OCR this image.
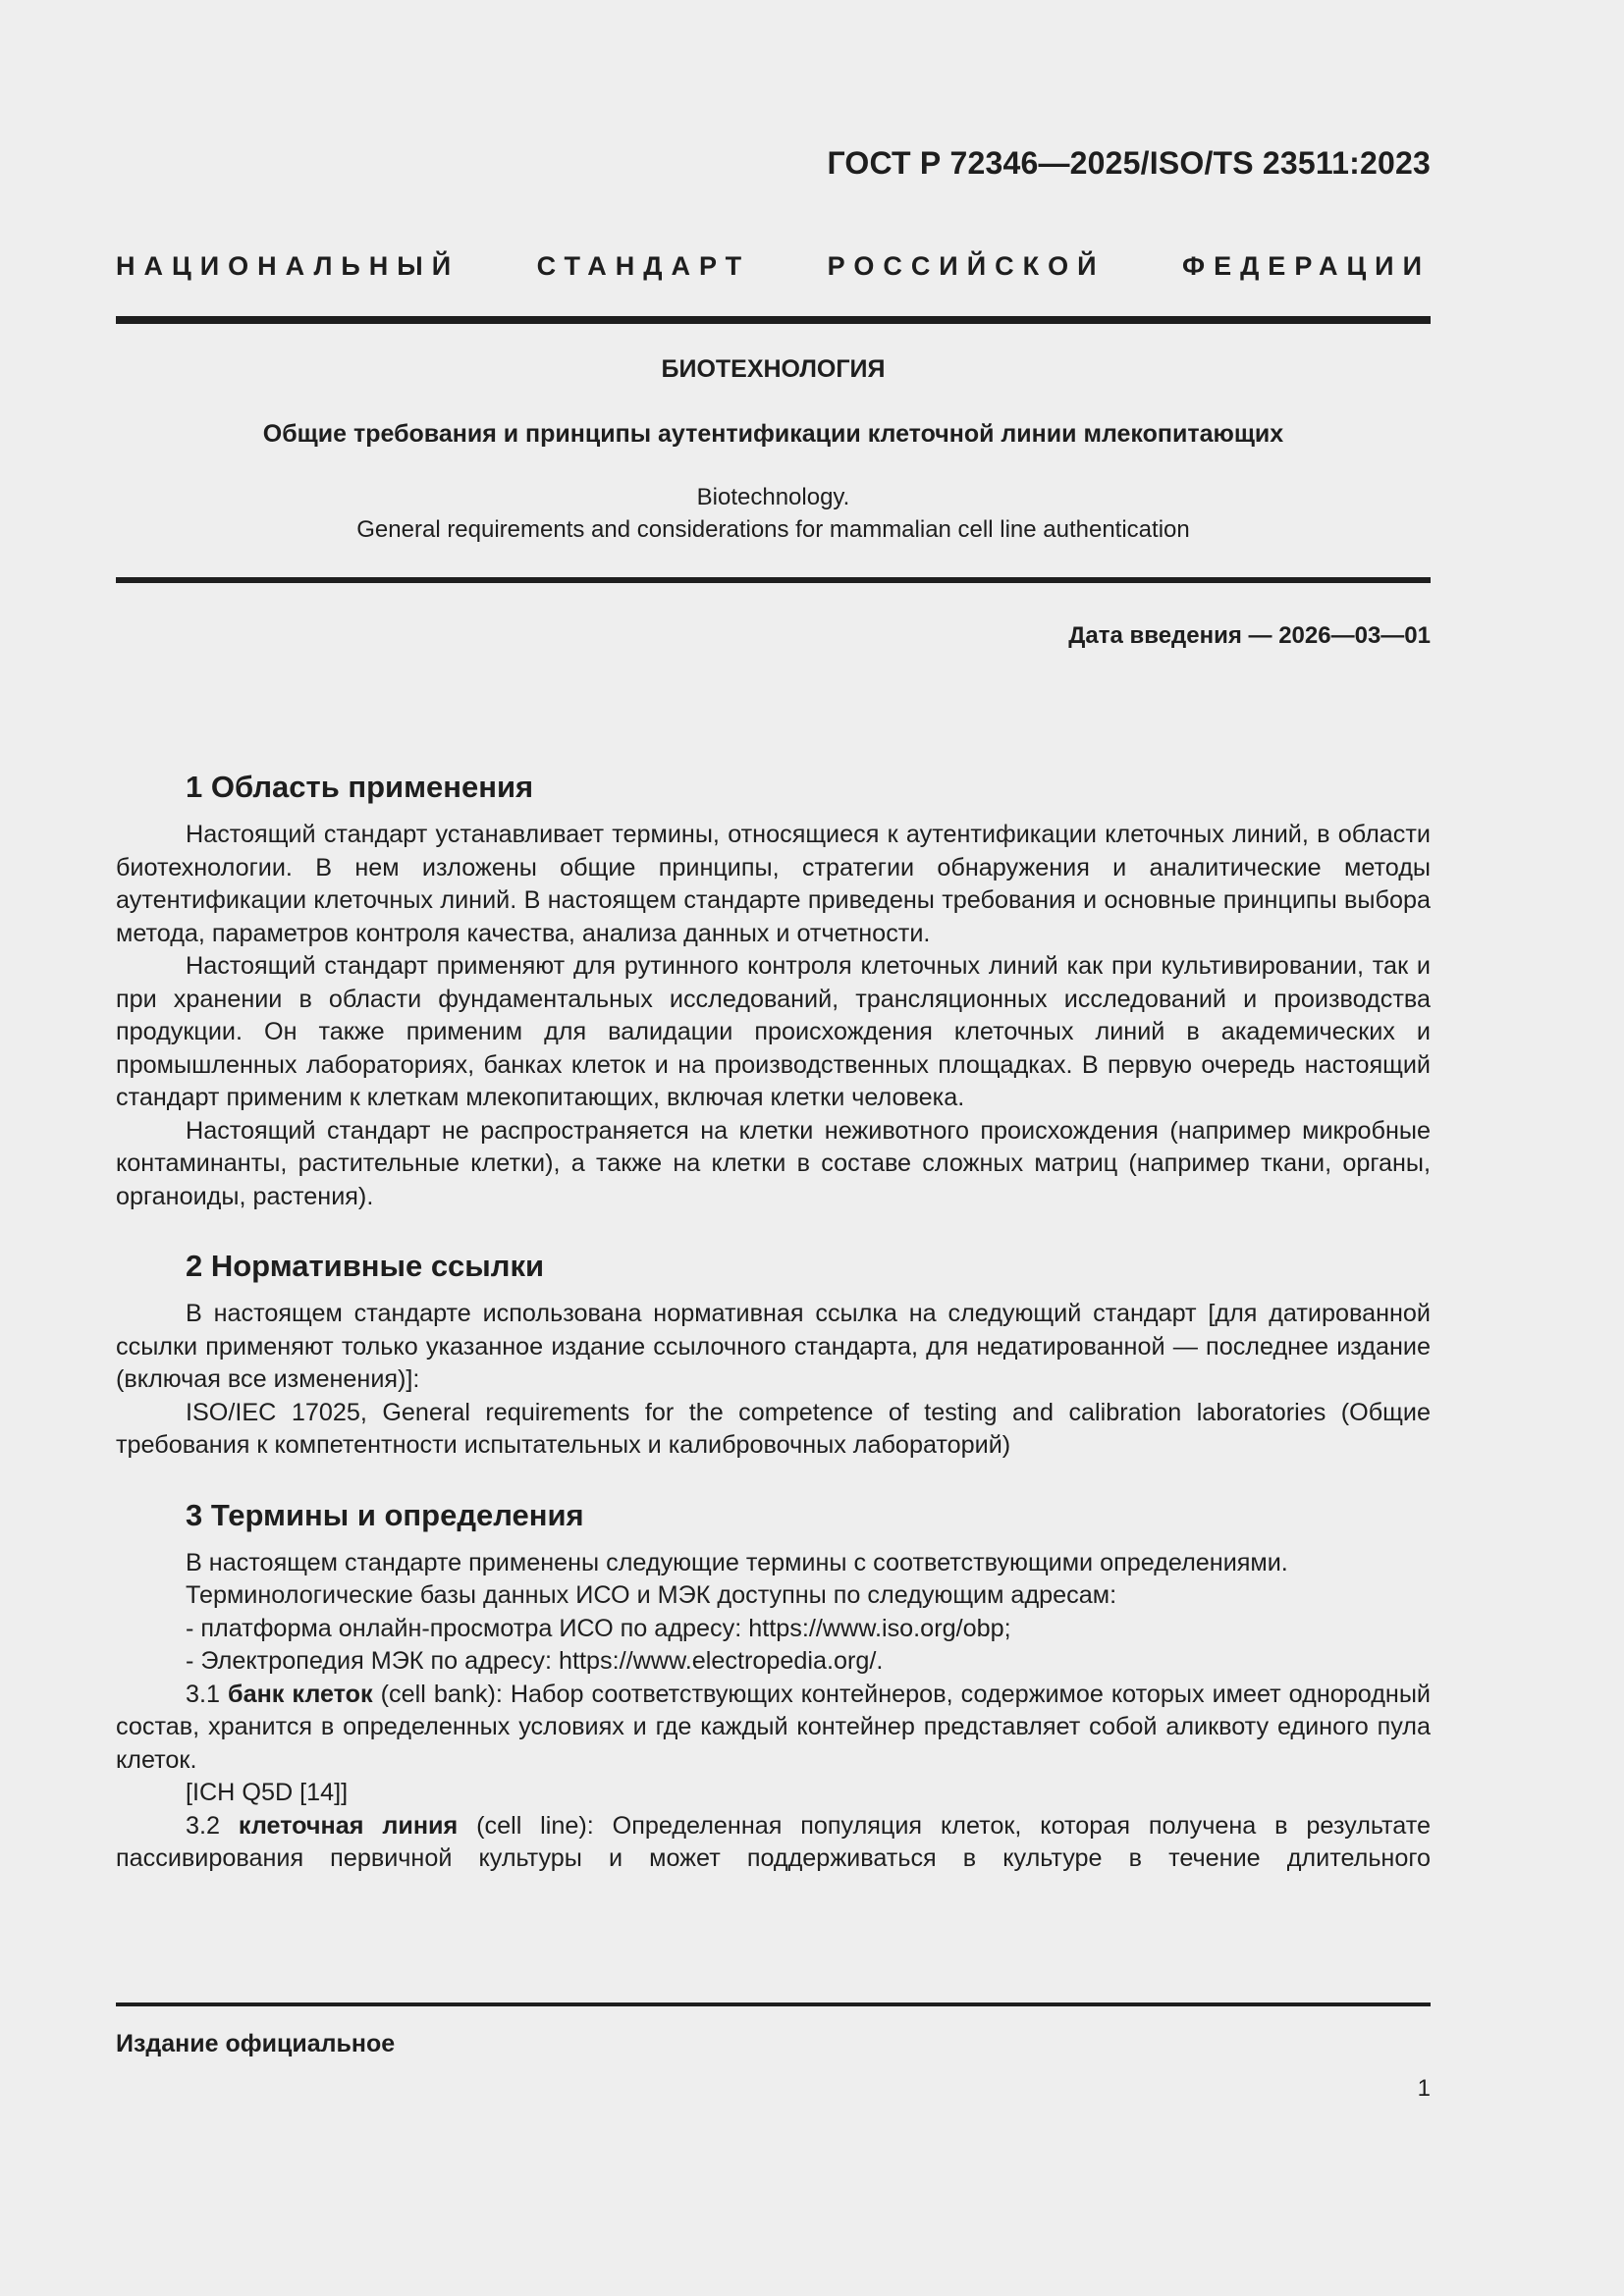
ГОСТ Р 72346—2025/ISO/TS 23511:2023
НАЦИОНАЛЬНЫЙ СТАНДАРТ РОССИЙСКОЙ ФЕДЕРАЦИИ
БИОТЕХНОЛОГИЯ
Общие требования и принципы аутентификации клеточной линии млекопитающих
Biotechnology.
General requirements and considerations for mammalian cell line authentication
Дата введения — 2026—03—01
1 Область применения

Настоящий стандарт устанавливает термины, относящиеся к аутентификации клеточных линий, в области биотехнологии. В нем изложены общие принципы, стратегии обнаружения и аналитические методы аутентификации клеточных линий. В настоящем стандарте приведены требования и основные принципы выбора метода, параметров контроля качества, анализа данных и отчетности.

Настоящий стандарт применяют для рутинного контроля клеточных линий как при культивировании, так и при хранении в области фундаментальных исследований, трансляционных исследований и производства продукции. Он также применим для валидации происхождения клеточных линий в академических и промышленных лабораториях, банках клеток и на производственных площадках. В первую очередь настоящий стандарт применим к клеткам млекопитающих, включая клетки человека.

Настоящий стандарт не распространяется на клетки неживотного происхождения (например микробные контаминанты, растительные клетки), а также на клетки в составе сложных матриц (например ткани, органы, органоиды, растения).

2 Нормативные ссылки

В настоящем стандарте использована нормативная ссылка на следующий стандарт [для датированной ссылки применяют только указанное издание ссылочного стандарта, для недатированной — последнее издание (включая все изменения)]:

ISO/IEC 17025, General requirements for the competence of testing and calibration laboratories (Общие требования к компетентности испытательных и калибровочных лабораторий)

3 Термины и определения

В настоящем стандарте применены следующие термины с соответствующими определениями.

Терминологические базы данных ИСО и МЭК доступны по следующим адресам:

- платформа онлайн-просмотра ИСО по адресу: https://www.iso.org/obp;

- Электропедия МЭК по адресу: https://www.electropedia.org/.

3.1 банк клеток (cell bank): Набор соответствующих контейнеров, содержимое которых имеет однородный состав, хранится в определенных условиях и где каждый контейнер представляет собой аликвоту единого пула клеток.

[ICH Q5D [14]]

3.2 клеточная линия (cell line): Определенная популяция клеток, которая получена в результате пассивирования первичной культуры и может поддерживаться в культуре в течение длительного

Издание официальное
1
